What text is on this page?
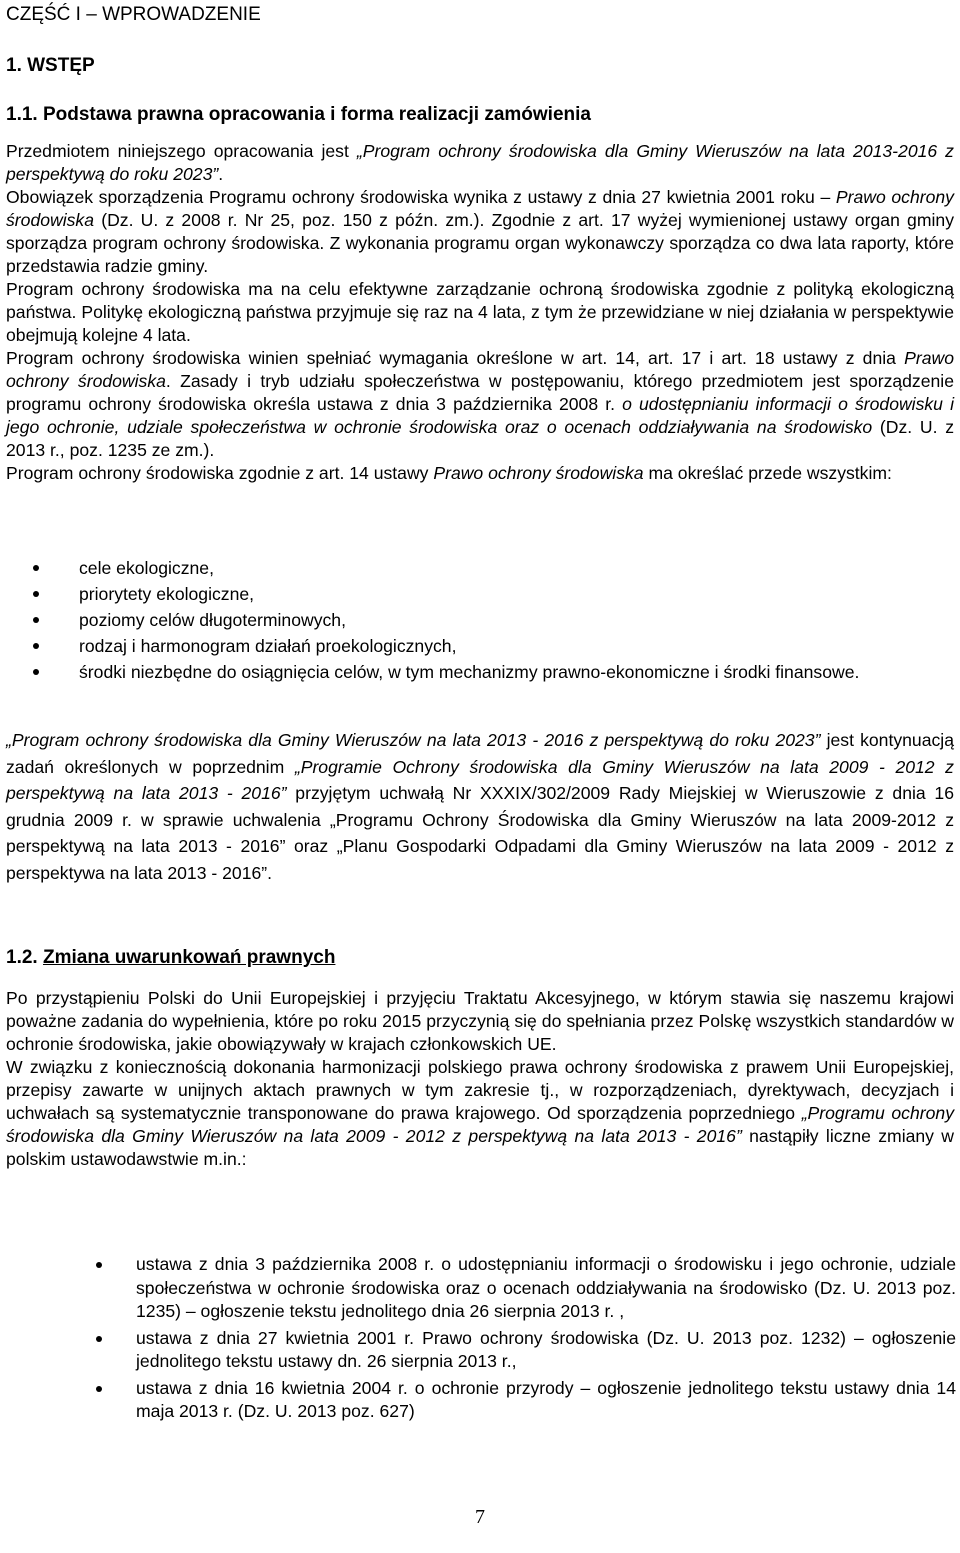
CZĘŚĆ I – WPROWADZENIE
1. WSTĘP
1.1. Podstawa prawna opracowania i forma realizacji zamówienia

Przedmiotem niniejszego opracowania jest „Program ochrony środowiska dla Gminy Wieruszów na lata 2013-2016 z perspektywą do roku 2023”.

Obowiązek sporządzenia Programu ochrony środowiska wynika z ustawy z dnia 27 kwietnia 2001 roku – Prawo ochrony środowiska (Dz. U. z 2008 r. Nr 25, poz. 150 z późn. zm.). Zgodnie z art. 17 wyżej wymienionej ustawy organ gminy sporządza program ochrony środowiska. Z wykonania programu organ wykonawczy sporządza co dwa lata raporty, które przedstawia radzie gminy.

Program ochrony środowiska ma na celu efektywne zarządzanie ochroną środowiska zgodnie z polityką ekologiczną państwa. Politykę ekologiczną państwa przyjmuje się raz na 4 lata, z tym że przewidziane w niej działania w perspektywie obejmują kolejne 4 lata.

Program ochrony środowiska winien spełniać wymagania określone w art. 14, art. 17 i art. 18 ustawy z dnia Prawo ochrony środowiska. Zasady i tryb udziału społeczeństwa w postępowaniu, którego przedmiotem jest sporządzenie programu ochrony środowiska określa ustawa z dnia 3 października 2008 r. o udostępnianiu informacji o środowisku i jego ochronie, udziale społeczeństwa w ochronie środowiska oraz o ocenach oddziaływania na środowisko (Dz. U. z 2013 r., poz. 1235 ze zm.).

Program ochrony środowiska zgodnie z art. 14 ustawy Prawo ochrony środowiska ma określać przede wszystkim:

cele ekologiczne,
priorytety ekologiczne,
poziomy celów długoterminowych,
rodzaj i harmonogram działań proekologicznych,
środki niezbędne do osiągnięcia celów, w tym mechanizmy prawno-ekonomiczne i środki finansowe.

„Program ochrony środowiska dla Gminy Wieruszów na lata 2013 - 2016 z perspektywą do roku 2023” jest kontynuacją zadań określonych w poprzednim „Programie Ochrony środowiska dla Gminy Wieruszów na lata 2009 - 2012 z perspektywą na lata 2013 - 2016” przyjętym uchwałą Nr XXXIX/302/2009 Rady Miejskiej w Wieruszowie z dnia 16 grudnia 2009 r. w sprawie uchwalenia „Programu Ochrony Środowiska dla Gminy Wieruszów na lata 2009-2012 z perspektywą na lata 2013 - 2016” oraz „Planu Gospodarki Odpadami dla Gminy Wieruszów na lata 2009 - 2012 z perspektywa na lata 2013 - 2016”.

1.2. Zmiana uwarunkowań prawnych

Po przystąpieniu Polski do Unii Europejskiej i przyjęciu Traktatu Akcesyjnego, w którym stawia się naszemu krajowi poważne zadania do wypełnienia, które po roku 2015 przyczynią się do spełniania przez Polskę wszystkich standardów w ochronie środowiska, jakie obowiązywały w krajach członkowskich UE.

W związku z koniecznością dokonania harmonizacji polskiego prawa ochrony środowiska z prawem Unii Europejskiej, przepisy zawarte w unijnych aktach prawnych w tym zakresie tj., w rozporządzeniach, dyrektywach, decyzjach i uchwałach są systematycznie transponowane do prawa krajowego. Od sporządzenia poprzedniego „Programu ochrony środowiska dla Gminy Wieruszów na lata 2009 - 2012 z perspektywą na lata 2013 - 2016” nastąpiły liczne zmiany w polskim ustawodawstwie m.in.:

ustawa z dnia 3 października 2008 r. o udostępnianiu informacji o środowisku i jego ochronie, udziale społeczeństwa w ochronie środowiska oraz o ocenach oddziaływania na środowisko (Dz. U. 2013 poz. 1235) – ogłoszenie tekstu jednolitego dnia 26 sierpnia 2013 r. ,
ustawa z dnia 27 kwietnia 2001 r. Prawo ochrony środowiska (Dz. U. 2013 poz. 1232) – ogłoszenie jednolitego tekstu ustawy dn. 26 sierpnia 2013 r.,
ustawa z dnia 16 kwietnia 2004 r. o ochronie przyrody – ogłoszenie jednolitego tekstu ustawy dnia 14 maja 2013 r. (Dz. U. 2013 poz. 627)
7
